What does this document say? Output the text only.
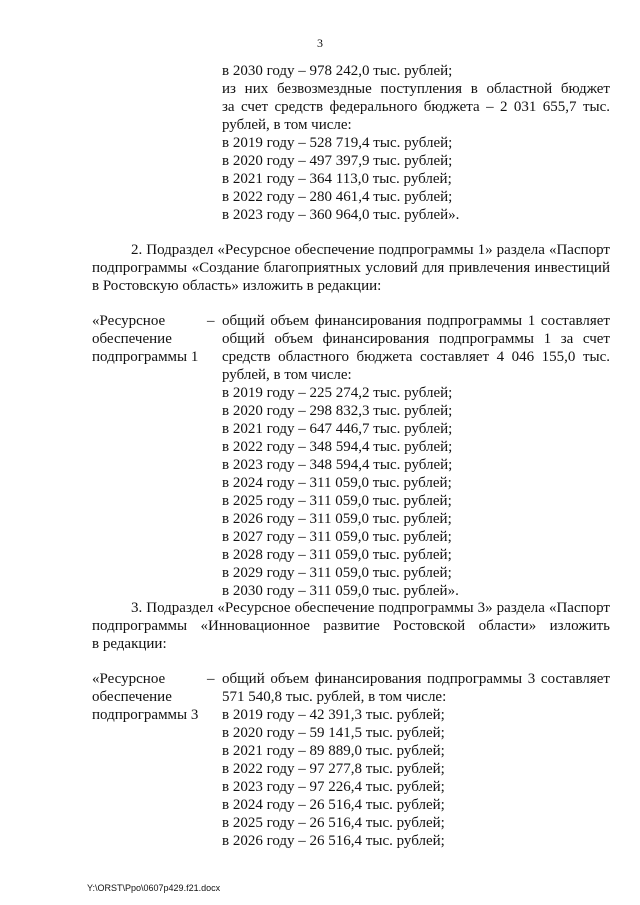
3
в 2030 году – 978 242,0 тыс. рублей;
из них безвозмездные поступления в областной бюджет
за счет средств федерального бюджета – 2 031 655,7 тыс.
рублей, в том числе:
в 2019 году – 528 719,4 тыс. рублей;
в 2020 году – 497 397,9 тыс. рублей;
в 2021 году – 364 113,0 тыс. рублей;
в 2022 году – 280 461,4 тыс. рублей;
в 2023 году – 360 964,0 тыс. рублей».
2. Подраздел «Ресурсное обеспечение подпрограммы 1» раздела «Паспорт
подпрограммы «Создание благоприятных условий для привлечения инвестиций
в Ростовскую область» изложить в редакции:
«Ресурсное
обеспечение
подпрограммы 1
– общий объем финансирования подпрограммы 1 составляет
общий объем финансирования подпрограммы 1 за счет
средств областного бюджета составляет 4 046 155,0 тыс.
рублей, в том числе:
в 2019 году – 225 274,2 тыс. рублей;
в 2020 году – 298 832,3 тыс. рублей;
в 2021 году – 647 446,7 тыс. рублей;
в 2022 году – 348 594,4 тыс. рублей;
в 2023 году – 348 594,4 тыс. рублей;
в 2024 году – 311 059,0 тыс. рублей;
в 2025 году – 311 059,0 тыс. рублей;
в 2026 году – 311 059,0 тыс. рублей;
в 2027 году – 311 059,0 тыс. рублей;
в 2028 году – 311 059,0 тыс. рублей;
в 2029 году – 311 059,0 тыс. рублей;
в 2030 году – 311 059,0 тыс. рублей».
3. Подраздел «Ресурсное обеспечение подпрограммы 3» раздела «Паспорт
подпрограммы «Инновационное развитие Ростовской области» изложить
в редакции:
«Ресурсное
обеспечение
подпрограммы 3
– общий объем финансирования подпрограммы 3 составляет
571 540,8 тыс. рублей, в том числе:
в 2019 году – 42 391,3 тыс. рублей;
в 2020 году – 59 141,5 тыс. рублей;
в 2021 году – 89 889,0 тыс. рублей;
в 2022 году – 97 277,8 тыс. рублей;
в 2023 году – 97 226,4 тыс. рублей;
в 2024 году – 26 516,4 тыс. рублей;
в 2025 году – 26 516,4 тыс. рублей;
в 2026 году – 26 516,4 тыс. рублей;
Y:\ORST\Ppo\0607p429.f21.docx
